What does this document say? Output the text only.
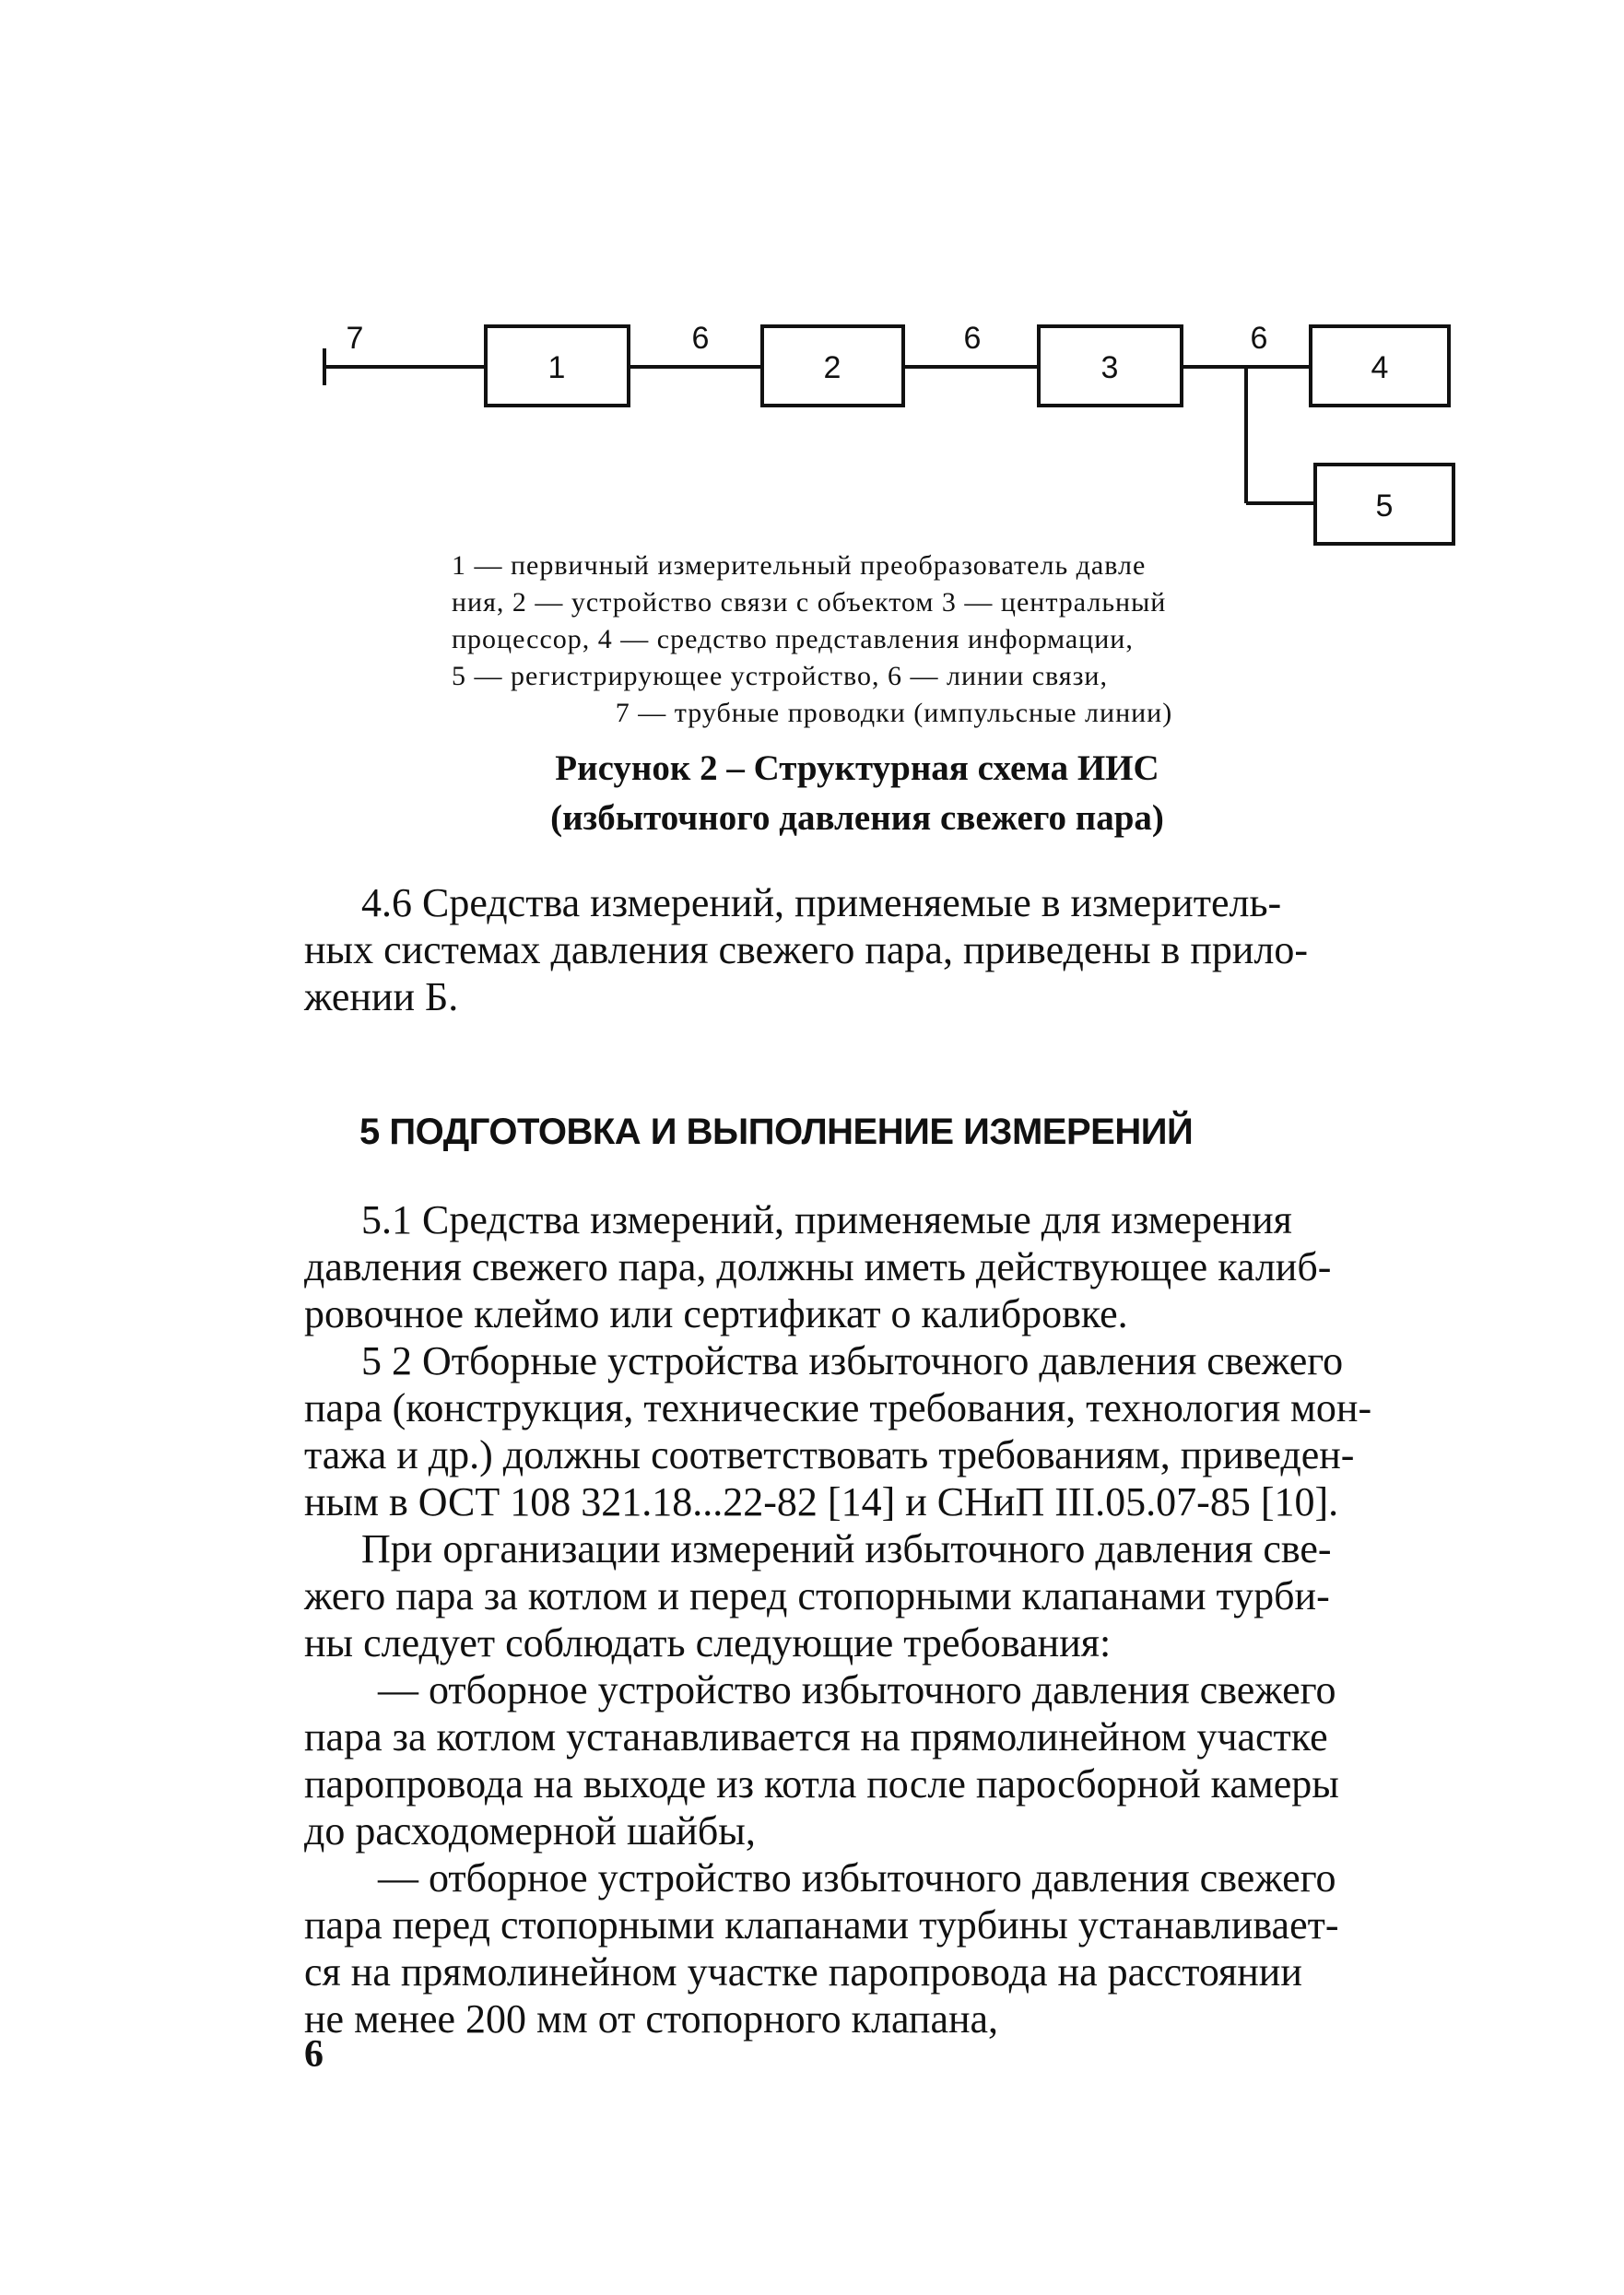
1	2	3	4
5
7	6	6	6
1 — первичный измерительный преобразователь давле
ния, 2 — устройство связи с объектом 3 — центральный
процессор, 4 — средство представления информации,
5 — регистрирующее устройство, 6 — линии связи,
7 — трубные проводки (импульсные линии)
Рисунок 2 – Структурная схема ИИС
(избыточного давления свежего пара)
4.6 Средства измерений, применяемые в измеритель-
ных системах давления свежего пара, приведены в прило-
жении Б.
5 ПОДГОТОВКА И ВЫПОЛНЕНИЕ ИЗМЕРЕНИЙ
5.1 Средства измерений, применяемые для измерения
давления свежего пара, должны иметь действующее калиб-
ровочное клеймо или сертификат о калибровке.
5 2 Отборные устройства избыточного давления свежего
пара (конструкция, технические требования, технология мон-
тажа и др.) должны соответствовать требованиям, приведен-
ным в ОСТ 108 321.18...22-82 [14] и СНиП III.05.07-85 [10].
При организации измерений избыточного давления све-
жего пара за котлом и перед стопорными клапанами турби-
ны следует соблюдать следующие требования:
— отборное устройство избыточного давления свежего
пара за котлом устанавливается на прямолинейном участке
паропровода на выходе из котла после паросборной камеры
до расходомерной шайбы,
— отборное устройство избыточного давления свежего
пара перед стопорными клапанами турбины устанавливает-
ся на прямолинейном участке паропровода на расстоянии
не менее 200 мм от стопорного клапана,
6
